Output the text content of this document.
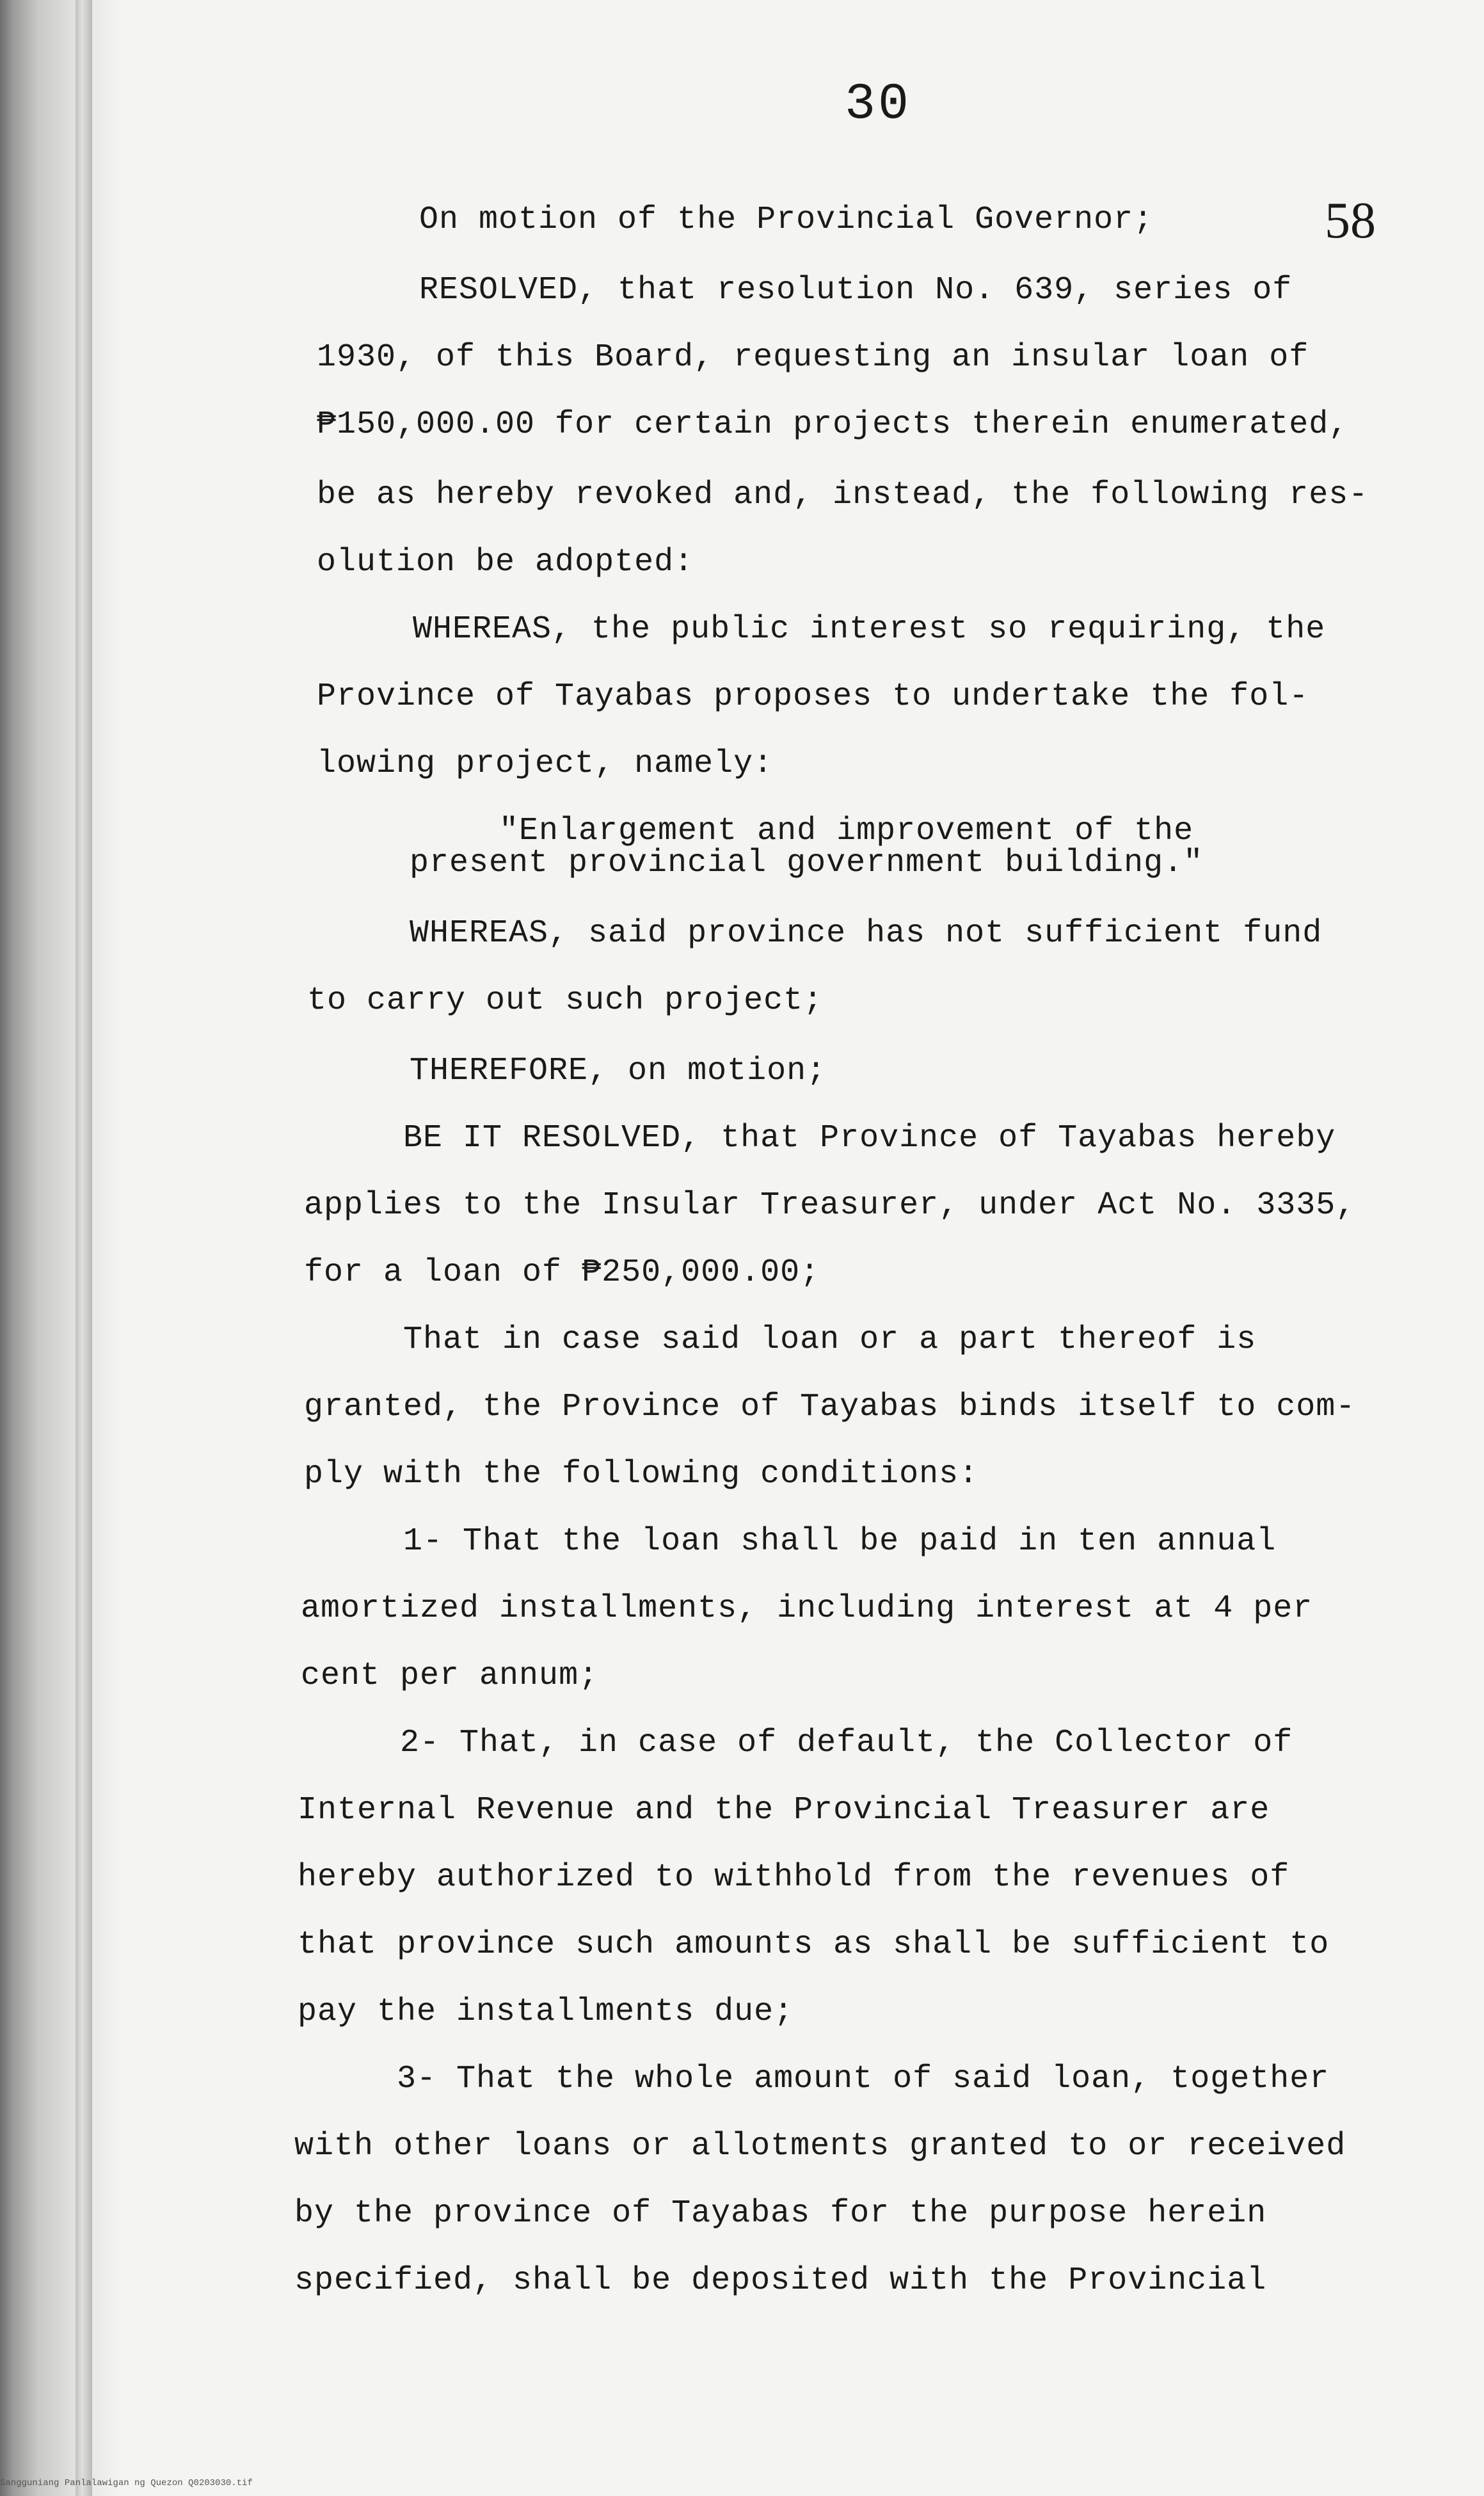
30
58
On motion of the Provincial Governor;
RESOLVED, that resolution No. 639, series of
1930, of this Board, requesting an insular loan of
₱150,000.00 for certain projects therein enumerated,
be as hereby revoked and, instead, the following res-
olution be adopted:
WHEREAS, the public interest so requiring, the
Province of Tayabas proposes to undertake the fol-
lowing project, namely:
"Enlargement and improvement of the
present provincial government building."
WHEREAS, said province has not sufficient fund
to carry out such project;
THEREFORE, on motion;
BE IT RESOLVED, that Province of Tayabas hereby
applies to the Insular Treasurer, under Act No. 3335,
for a loan of ₱250,000.00;
That in case said loan or a part thereof is
granted, the Province of Tayabas binds itself to com-
ply with the following conditions:
1- That the loan shall be paid in ten annual
amortized installments, including interest at 4 per
cent per annum;
2- That, in case of default, the Collector of
Internal Revenue and the Provincial Treasurer are
hereby authorized to withhold from the revenues of
that province such amounts as shall be sufficient to
pay the installments due;
3- That the whole amount of said loan, together
with other loans or allotments granted to or received
by the province of Tayabas for the purpose herein
specified, shall be deposited with the Provincial
Sangguniang Panlalawigan ng Quezon Q0203030.tif
